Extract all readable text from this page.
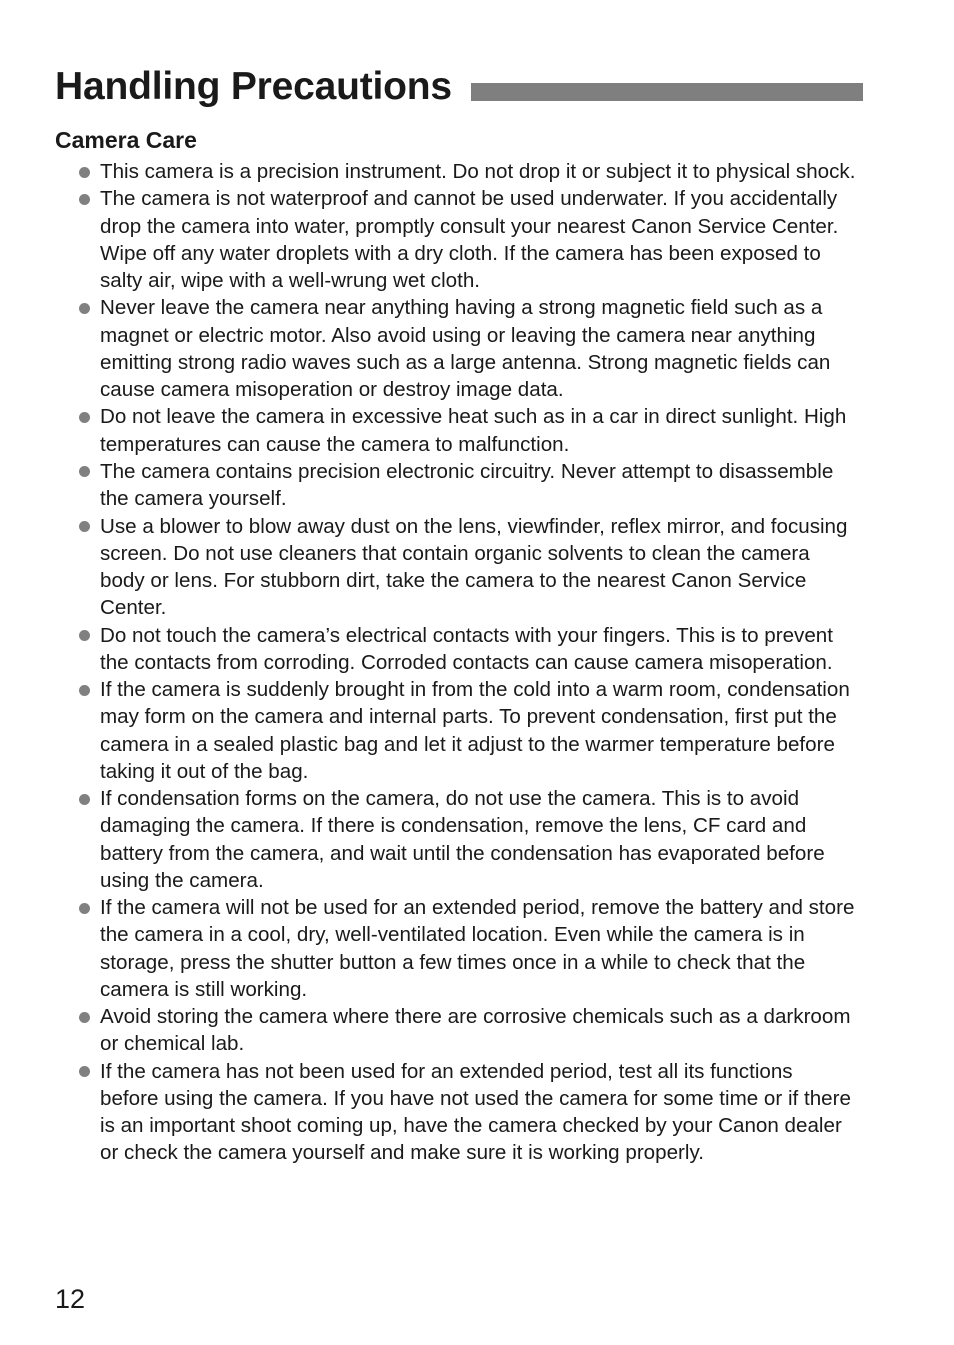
Handling Precautions
Camera Care
This camera is a precision instrument. Do not drop it or subject it to physical shock.
The camera is not waterproof and cannot be used underwater. If you accidentally drop the camera into water, promptly consult your nearest Canon Service Center. Wipe off any water droplets with a dry cloth. If the camera has been exposed to salty air, wipe with a well-wrung wet cloth.
Never leave the camera near anything having a strong magnetic field such as a magnet or electric motor. Also avoid using or leaving the camera near anything emitting strong radio waves such as a large antenna. Strong magnetic fields can cause camera misoperation or destroy image data.
Do not leave the camera in excessive heat such as in a car in direct sunlight. High temperatures can cause the camera to malfunction.
The camera contains precision electronic circuitry. Never attempt to disassemble the camera yourself.
Use a blower to blow away dust on the lens, viewfinder, reflex mirror, and focusing screen. Do not use cleaners that contain organic solvents to clean the camera body or lens. For stubborn dirt, take the camera to the nearest Canon Service Center.
Do not touch the camera’s electrical contacts with your fingers. This is to prevent the contacts from corroding. Corroded contacts can cause camera misoperation.
If the camera is suddenly brought in from the cold into a warm room, condensation may form on the camera and internal parts. To prevent condensation, first put the camera in a sealed plastic bag and let it adjust to the warmer temperature before taking it out of the bag.
If condensation forms on the camera, do not use the camera. This is to avoid damaging the camera. If there is condensation, remove the lens, CF card and battery from the camera, and wait until the condensation has evaporated before using the camera.
If the camera will not be used for an extended period, remove the battery and store the camera in a cool, dry, well-ventilated location. Even while the camera is in storage, press the shutter button a few times once in a while to check that the camera is still working.
Avoid storing the camera where there are corrosive chemicals such as a darkroom or chemical lab.
If the camera has not been used for an extended period, test all its functions before using the camera. If you have not used the camera for some time or if there is an important shoot coming up, have the camera checked by your Canon dealer or check the camera yourself and make sure it is working properly.
12
